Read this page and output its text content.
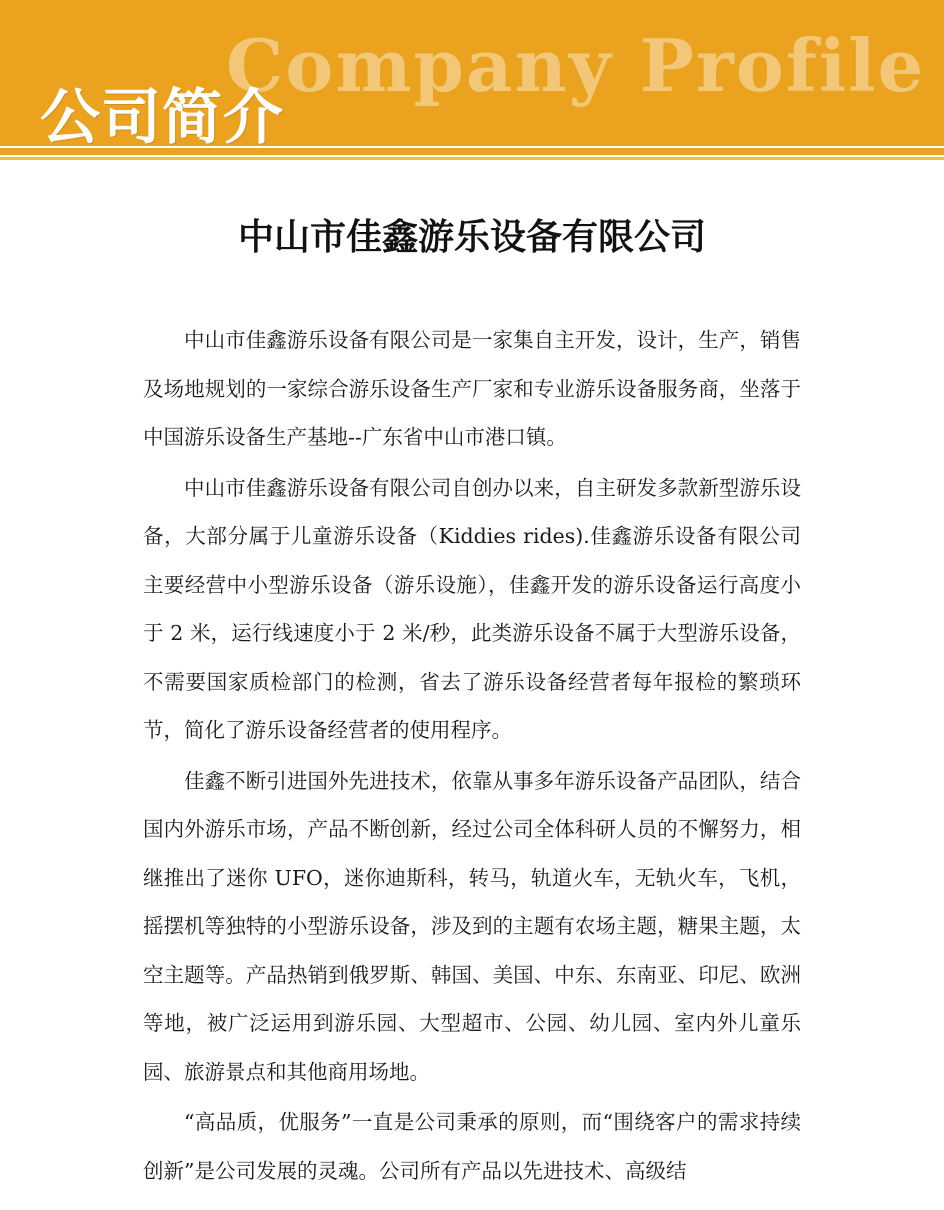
Company Profile
公司简介
中山市佳鑫游乐设备有限公司

中山市佳鑫游乐设备有限公司是一家集自主开发，设计，生产，销售及场地规划的一家综合游乐设备生产厂家和专业游乐设备服务商，坐落于中国游乐设备生产基地--广东省中山市港口镇。

中山市佳鑫游乐设备有限公司自创办以来，自主研发多款新型游乐设备，大部分属于儿童游乐设备（Kiddies rides).佳鑫游乐设备有限公司主要经营中小型游乐设备（游乐设施），佳鑫开发的游乐设备运行高度小于 2 米，运行线速度小于 2 米/秒，此类游乐设备不属于大型游乐设备，不需要国家质检部门的检测，省去了游乐设备经营者每年报检的繁琐环节，简化了游乐设备经营者的使用程序。

佳鑫不断引进国外先进技术，依靠从事多年游乐设备产品团队，结合国内外游乐市场，产品不断创新，经过公司全体科研人员的不懈努力，相继推出了迷你 UFO，迷你迪斯科，转马，轨道火车，无轨火车，飞机，摇摆机等独特的小型游乐设备，涉及到的主题有农场主题，糖果主题，太空主题等。产品热销到俄罗斯、韩国、美国、中东、东南亚、印尼、欧洲等地，被广泛运用到游乐园、大型超市、公园、幼儿园、室内外儿童乐园、旅游景点和其他商用场地。

“高品质，优服务”一直是公司秉承的原则，而“围绕客户的需求持续创新”是公司发展的灵魂。公司所有产品以先进技术、高级结
